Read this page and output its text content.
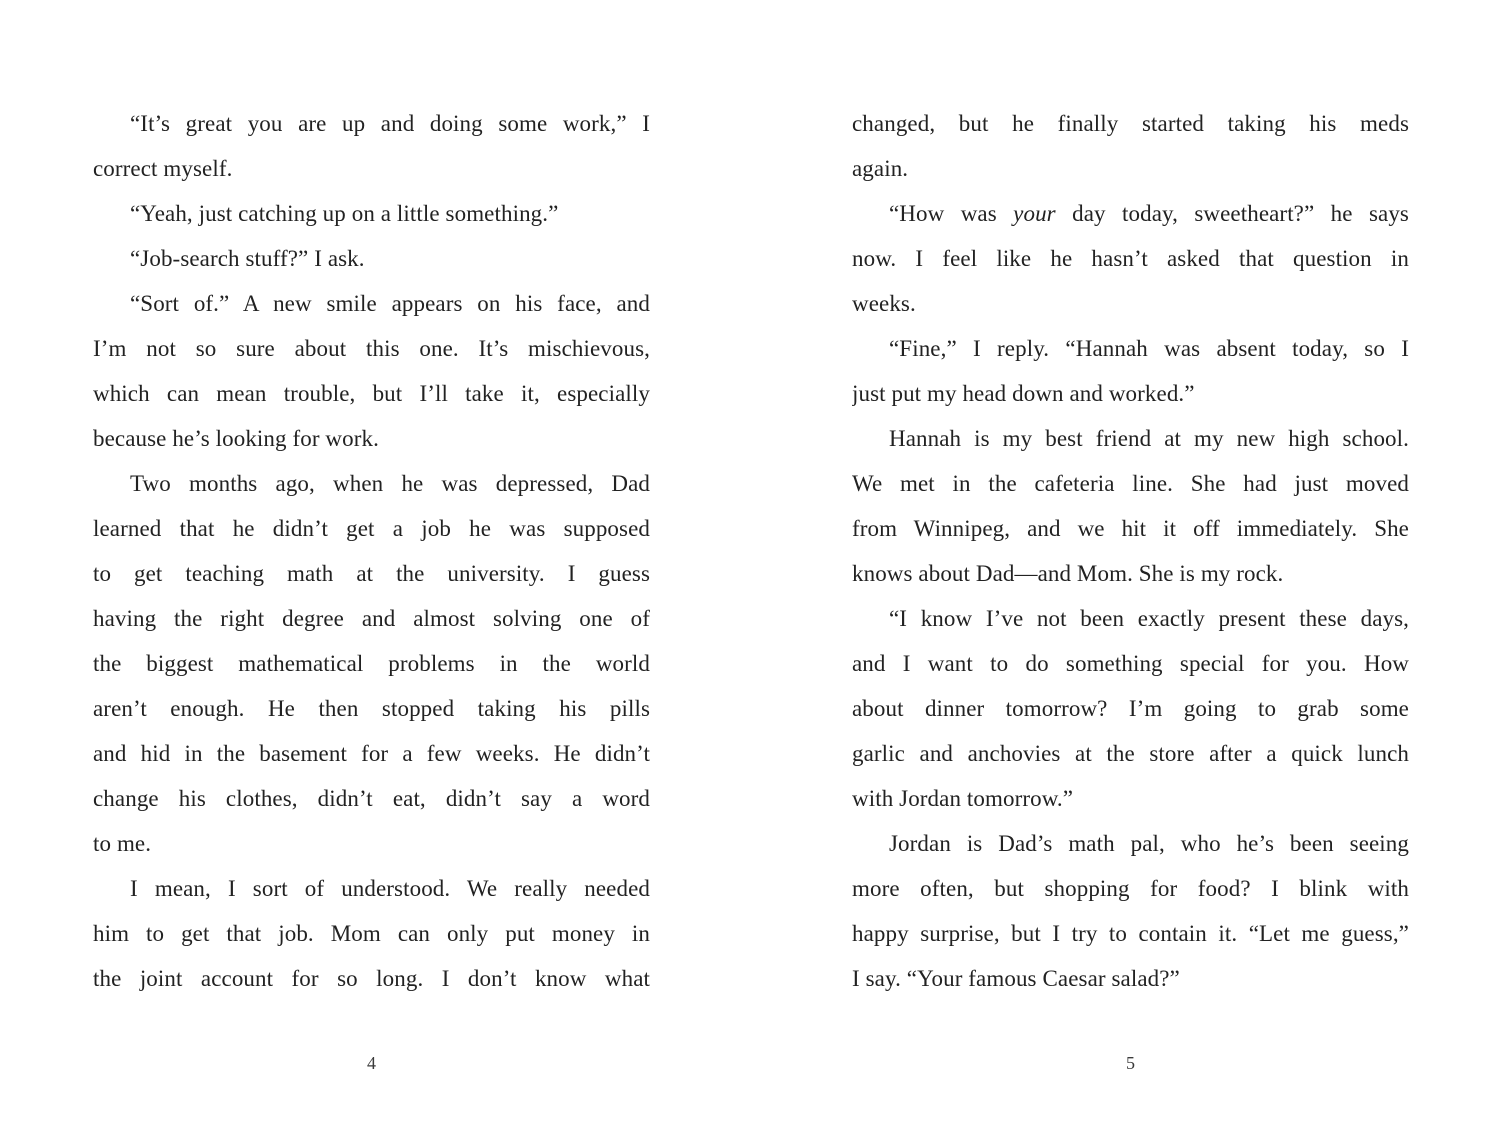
“It’s great you are up and doing some work,” I
correct myself.
“Yeah, just catching up on a little something.”
“Job-search stuff?” I ask.
“Sort of.” A new smile appears on his face, and
I’m not so sure about this one. It’s mischievous,
which can mean trouble, but I’ll take it, especially
because he’s looking for work.
Two months ago, when he was depressed, Dad
learned that he didn’t get a job he was supposed
to get teaching math at the university. I guess
having the right degree and almost solving one of
the biggest mathematical problems in the world
aren’t enough. He then stopped taking his pills
and hid in the basement for a few weeks. He didn’t
change his clothes, didn’t eat, didn’t say a word
to me.
I mean, I sort of understood. We really needed
him to get that job. Mom can only put money in
the joint account for so long. I don’t know what
4
changed, but he finally started taking his meds
again.
“How was your day today, sweetheart?” he says
now. I feel like he hasn’t asked that question in
weeks.
“Fine,” I reply. “Hannah was absent today, so I
just put my head down and worked.”
Hannah is my best friend at my new high school.
We met in the cafeteria line. She had just moved
from Winnipeg, and we hit it off immediately. She
knows about Dad—and Mom. She is my rock.
“I know I’ve not been exactly present these days,
and I want to do something special for you. How
about dinner tomorrow? I’m going to grab some
garlic and anchovies at the store after a quick lunch
with Jordan tomorrow.”
Jordan is Dad’s math pal, who he’s been seeing
more often, but shopping for food? I blink with
happy surprise, but I try to contain it. “Let me guess,”
I say. “Your famous Caesar salad?”
5
